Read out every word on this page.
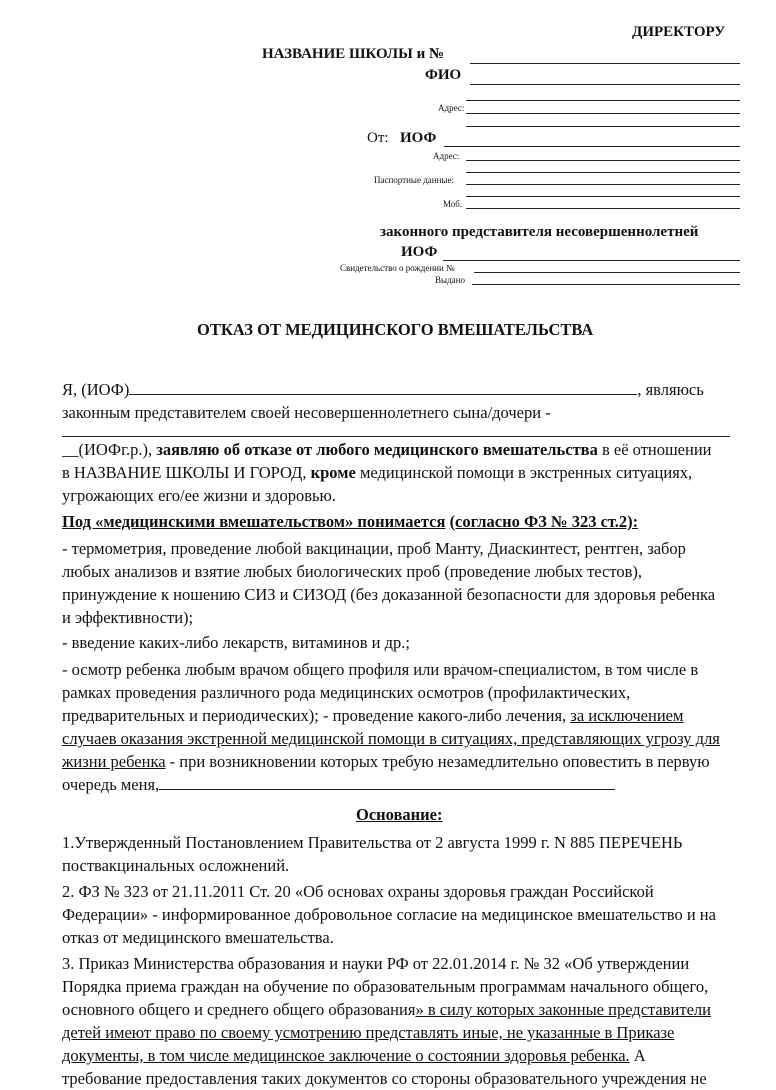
ДИРЕКТОРУ
НАЗВАНИЕ ШКОЛЫ и №
ФИО
Адрес:
От: ИОФ
Адрес:
Паспортные данные:
Моб.
законного представителя несовершеннолетней
ИОФ
Свидетельство о рождении №
Выдано
ОТКАЗ ОТ МЕДИЦИНСКОГО ВМЕШАТЕЛЬСТВА
Я, (ИОФ)	, являюсь
законным представителем своей несовершеннолетнего сына/дочери -
__(ИОФг.р.), заявляю об отказе от любого медицинского вмешательства в её отношении
в НАЗВАНИЕ ШКОЛЫ И ГОРОД, кроме медицинской помощи в экстренных ситуациях,
угрожающих его/ее жизни и здоровью.
Под «медицинскими вмешательством» понимается (согласно ФЗ № 323 ст.2):
- термометрия, проведение любой вакцинации, проб Манту, Диаскинтест, рентген, забор
любых анализов и взятие любых биологических проб (проведение любых тестов),
принуждение к ношению СИЗ и СИЗОД (без доказанной безопасности для здоровья ребенка
и эффективности);
- введение каких-либо лекарств, витаминов и др.;
- осмотр ребенка любым врачом общего профиля или врачом-специалистом, в том числе в
рамках проведения различного рода медицинских осмотров (профилактических,
предварительных и периодических); - проведение какого-либо лечения, за исключением
случаев оказания экстренной медицинской помощи в ситуациях, представляющих угрозу для
жизни ребенка - при возникновении которых требую незамедлительно оповестить в первую
очередь меня,
Основание:
1.Утвержденный Постановлением Правительства от 2 августа 1999 г. N 885 ПЕРЕЧЕНЬ
поствакцинальных осложнений.
2. ФЗ № 323 от 21.11.2011 Ст. 20 «Об основах охраны здоровья граждан Российской
Федерации» - информированное добровольное согласие на медицинское вмешательство и на
отказ от медицинского вмешательства.
3. Приказ Министерства образования и науки РФ от 22.01.2014 г. № 32 «Об утверждении
Порядка приема граждан на обучение по образовательным программам начального общего,
основного общего и среднего общего образования» в силу которых законные представители
детей имеют право по своему усмотрению представлять иные, не указанные в Приказе
документы, в том числе медицинское заключение о состоянии здоровья ребенка. А
требование предоставления таких документов со стороны образовательного учреждения не
